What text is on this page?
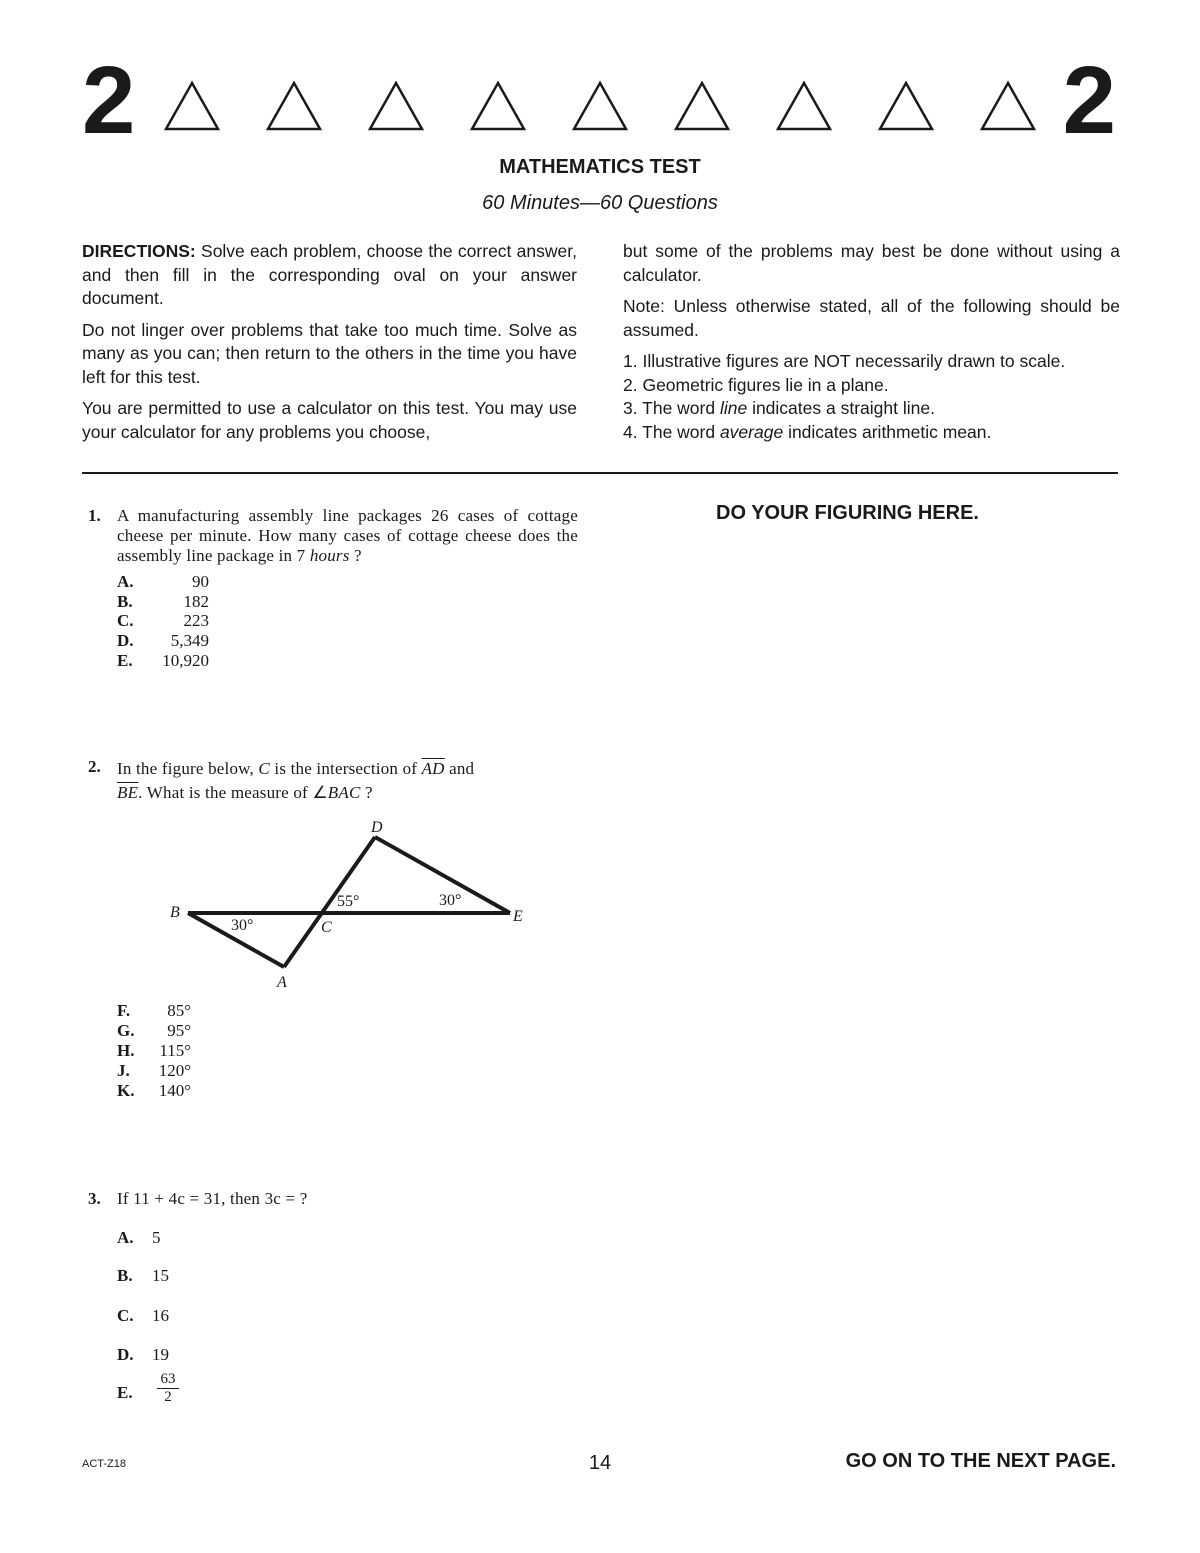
2	2
MATHEMATICS TEST
60 Minutes—60 Questions

DIRECTIONS: Solve each problem, choose the correct answer, and then fill in the corresponding oval on your answer document.

Do not linger over problems that take too much time. Solve as many as you can; then return to the others in the time you have left for this test.

You are permitted to use a calculator on this test. You may use your calculator for any problems you choose,

but some of the problems may best be done without using a calculator.

Note: Unless otherwise stated, all of the following should be assumed.

1. Illustrative figures are NOT necessarily drawn to scale.

2. Geometric figures lie in a plane.

3. The word line indicates a straight line.

4. The word average indicates arithmetic mean.

DO YOUR FIGURING HERE.
1. A manufacturing assembly line packages 26 cases of cottage cheese per minute. How many cases of cottage cheese does the assembly line package in 7 hours ?
A.	90
B.	182
C.	223
D.	5,349
E.	10,920
2. In the figure below, C is the intersection of $\overline{AD}$ and
$\overline{BE}$. What is the measure of ∠BAC ?
D
B	E
C
A
55°	30°
30°
F.	85°
G.	95°
H.	115°
J.	120°
K.	140°
3. If 11 + 4c = 31, then 3c = ?
A. 5
B. 15
C. 16
D. 19
E. $\frac{63}{2}$
ACT-Z18	14	GO ON TO THE NEXT PAGE.
